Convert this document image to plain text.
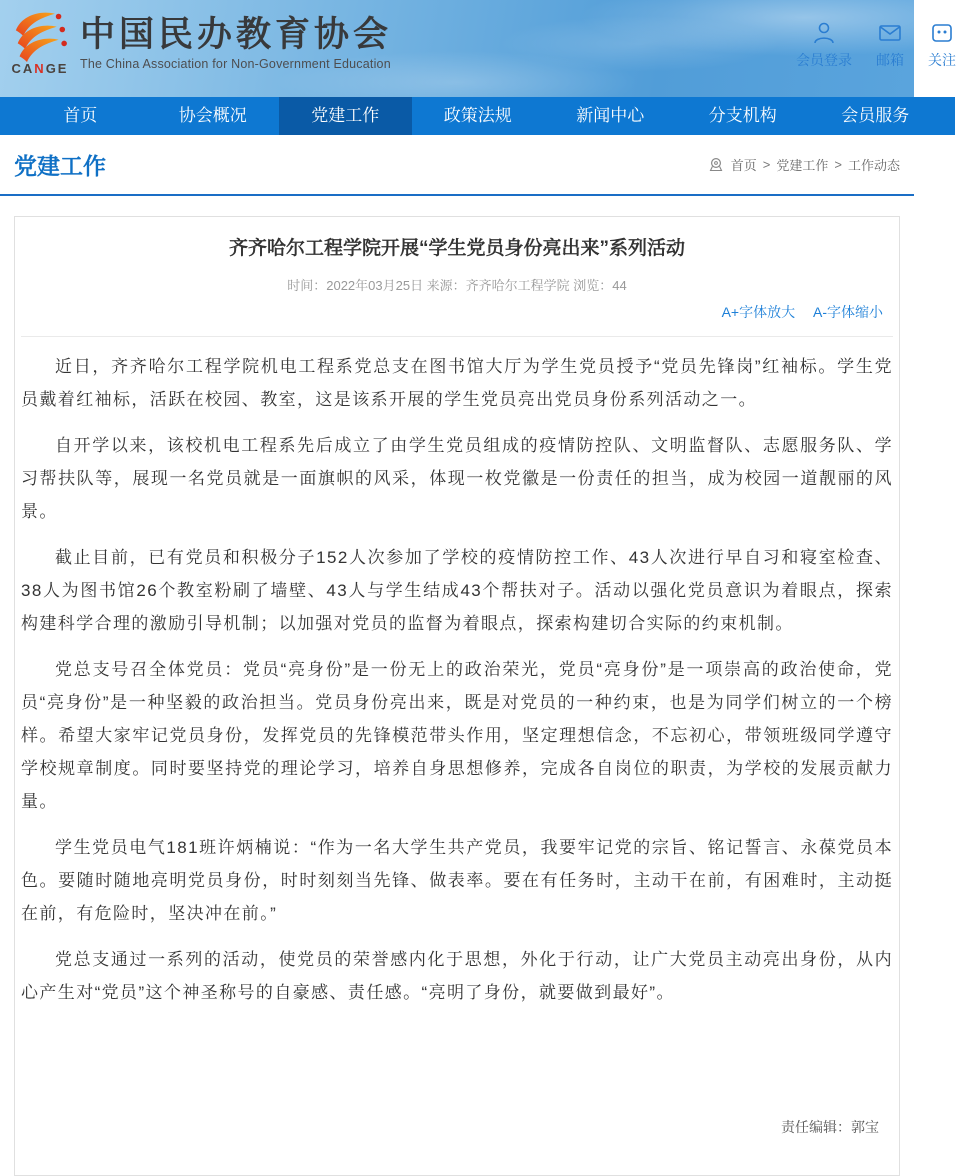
CANGE
中国民办教育协会
The China Association for Non-Government Education	会员登录 邮箱 关注
首页	协会概况	党建工作	政策法规	新闻中心	分支机构	会员服务
党建工作	首页 > 党建工作 > 工作动态
齐齐哈尔工程学院开展“学生党员身份亮出来”系列活动
时间：2022年03月25日 来源：齐齐哈尔工程学院 浏览：44
A+字体放大 A-字体缩小

近日，齐齐哈尔工程学院机电工程系党总支在图书馆大厅为学生党员授予“党员先锋岗”红袖标。学生党员戴着红袖标，活跃在校园、教室，这是该系开展的学生党员亮出党员身份系列活动之一。

自开学以来，该校机电工程系先后成立了由学生党员组成的疫情防控队、文明监督队、志愿服务队、学习帮扶队等，展现一名党员就是一面旗帜的风采，体现一枚党徽是一份责任的担当，成为校园一道靓丽的风景。

截止目前，已有党员和积极分子152人次参加了学校的疫情防控工作、43人次进行早自习和寝室检查、38人为图书馆26个教室粉刷了墙壁、43人与学生结成43个帮扶对子。活动以强化党员意识为着眼点，探索构建科学合理的激励引导机制；以加强对党员的监督为着眼点，探索构建切合实际的约束机制。

党总支号召全体党员：党员“亮身份”是一份无上的政治荣光，党员“亮身份”是一项崇高的政治使命，党员“亮身份”是一种坚毅的政治担当。党员身份亮出来，既是对党员的一种约束，也是为同学们树立的一个榜样。希望大家牢记党员身份，发挥党员的先锋模范带头作用，坚定理想信念，不忘初心，带领班级同学遵守学校规章制度。同时要坚持党的理论学习，培养自身思想修养，完成各自岗位的职责，为学校的发展贡献力量。

学生党员电气181班许炳楠说：“作为一名大学生共产党员，我要牢记党的宗旨、铭记誓言、永葆党员本色。要随时随地亮明党员身份，时时刻刻当先锋、做表率。要在有任务时，主动干在前，有困难时，主动挺在前，有危险时，坚决冲在前。”

党总支通过一系列的活动，使党员的荣誉感内化于思想，外化于行动，让广大党员主动亮出身份，从内心产生对“党员”这个神圣称号的自豪感、责任感。“亮明了身份，就要做到最好”。

责任编辑：郭宝
